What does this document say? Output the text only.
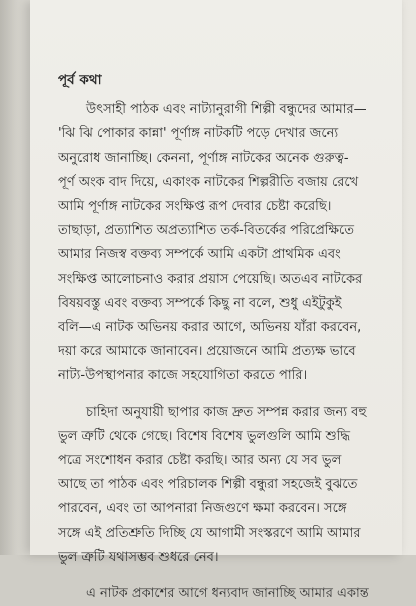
পূর্ব কথা

উৎসাহী পাঠক এবং নাট্যানুরাগী শিল্পী বন্ধুদের আমার—
'ঝি ঝি পোকার কান্না' পূর্ণাঙ্গ নাটকটি পড়ে দেখার জন্যে
অনুরোধ জানাচ্ছি। কেননা, পূর্ণাঙ্গ নাটকের অনেক গুরুত্ব-
পূর্ণ অংক বাদ দিয়ে, একাংক নাটকের শিল্পরীতি বজায় রেখে
আমি পূর্ণাঙ্গ নাটকের সংক্ষিপ্ত রূপ দেবার চেষ্টা করেছি।
তাছাড়া, প্রত্যাশিত অপ্রত্যাশিত তর্ক-বিতর্কের পরিপ্রেক্ষিতে
আমার নিজস্ব বক্তব্য সম্পর্কে আমি একটা প্রাথমিক এবং
সংক্ষিপ্ত আলোচনাও করার প্রয়াস পেয়েছি। অতএব নাটকের
বিষয়বস্তু এবং বক্তব্য সম্পর্কে কিছু না বলে, শুধু এইটুকুই
বলি—এ নাটক অভিনয় করার আগে, অভিনয় যাঁরা করবেন,
দয়া করে আমাকে জানাবেন। প্রয়োজনে আমি প্রত্যক্ষ ভাবে
নাট্য-উপস্থাপনার কাজে সহযোগিতা করতে পারি।

চাহিদা অনুযায়ী ছাপার কাজ দ্রুত সম্পন্ন করার জন্য বহু
ভুল ত্রুটি থেকে গেছে। বিশেষ বিশেষ ভুলগুলি আমি শুদ্ধি
পত্রে সংশোধন করার চেষ্টা করছি। আর অন্য যে সব ভুল
আছে তা পাঠক এবং পরিচালক শিল্পী বন্ধুরা সহজেই বুঝতে
পারবেন, এবং তা আপনারা নিজগুণে ক্ষমা করবেন। সঙ্গে
সঙ্গে এই প্রতিশ্রুতি দিচ্ছি যে আগামী সংস্করণে আমি আমার
ভুল ত্রুটি যথাসম্ভব শুধরে নেব।

এ নাটক প্রকাশের আগে ধন্যবাদ জানাচ্ছি আমার একান্ত
